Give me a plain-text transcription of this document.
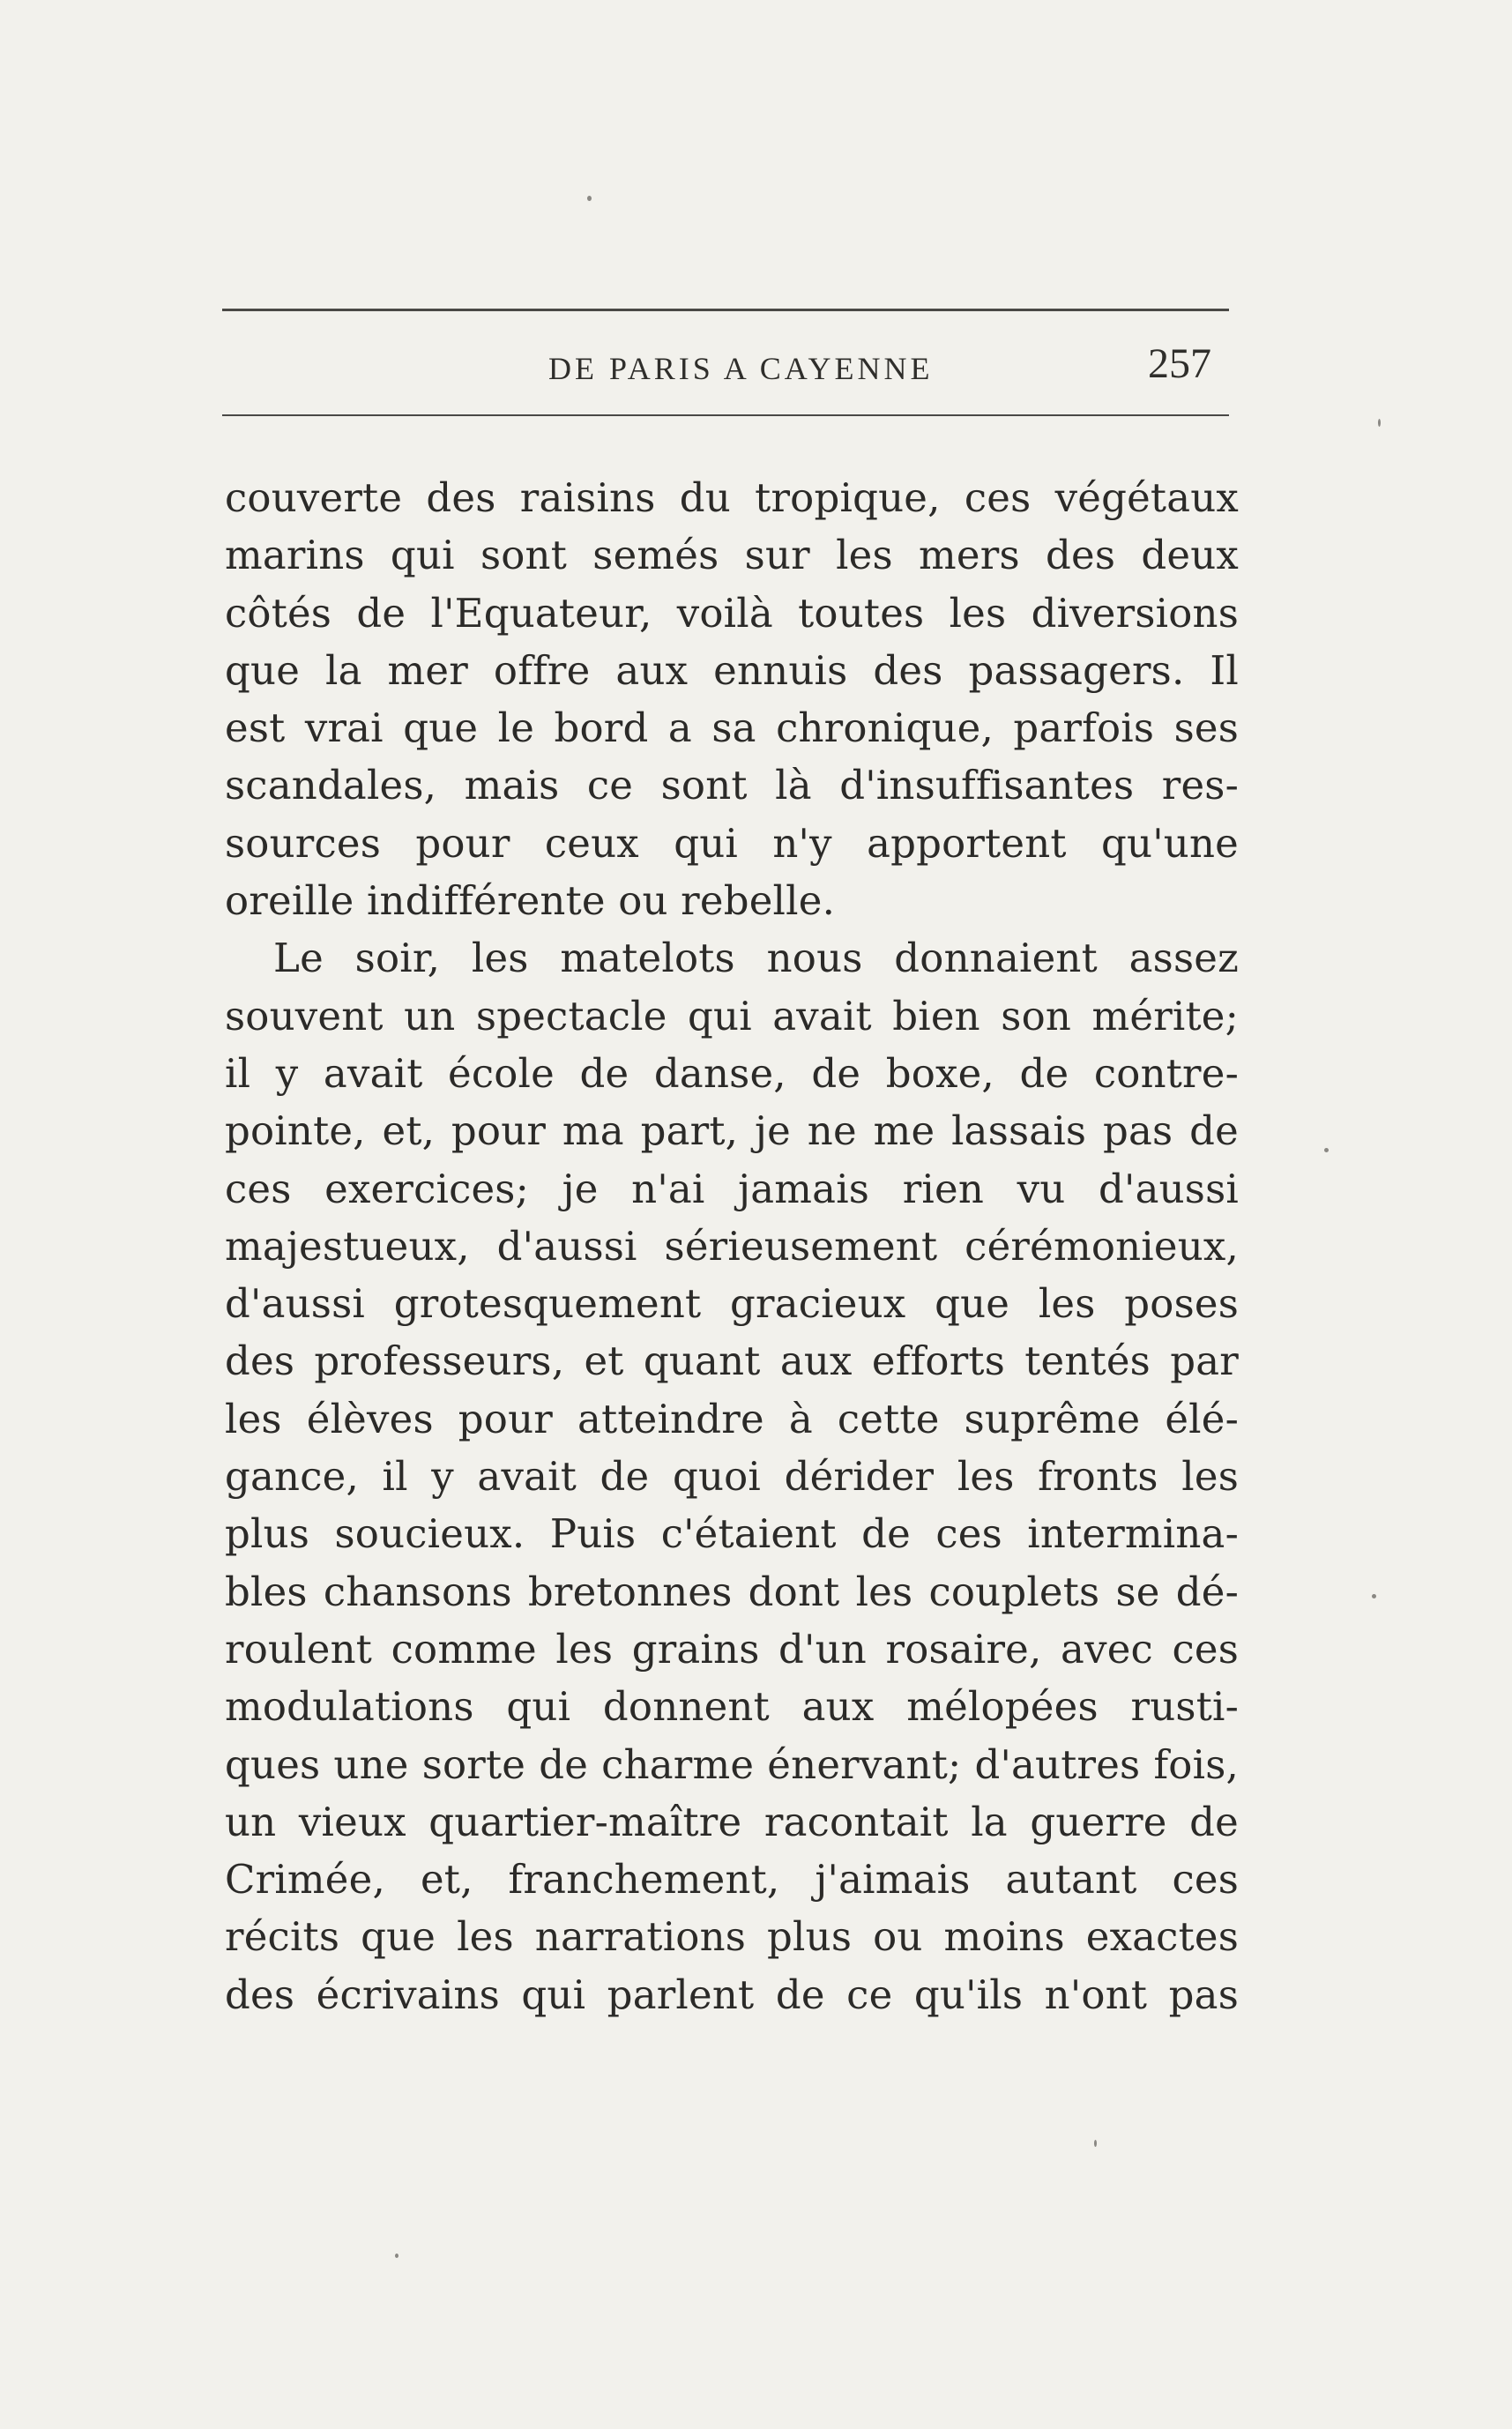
DE PARIS A CAYENNE	257
couverte des raisins du tropique, ces végétaux
marins qui sont semés sur les mers des deux
côtés de l'Equateur, voilà toutes les diversions
que la mer offre aux ennuis des passagers. Il
est vrai que le bord a sa chronique, parfois ses
scandales, mais ce sont là d'insuffisantes res-
sources pour ceux qui n'y apportent qu'une
oreille indifférente ou rebelle.
Le soir, les matelots nous donnaient assez
souvent un spectacle qui avait bien son mérite;
il y avait école de danse, de boxe, de contre-
pointe, et, pour ma part, je ne me lassais pas de
ces exercices; je n'ai jamais rien vu d'aussi
majestueux, d'aussi sérieusement cérémonieux,
d'aussi grotesquement gracieux que les poses
des professeurs, et quant aux efforts tentés par
les élèves pour atteindre à cette suprême élé-
gance, il y avait de quoi dérider les fronts les
plus soucieux. Puis c'étaient de ces intermina-
bles chansons bretonnes dont les couplets se dé-
roulent comme les grains d'un rosaire, avec ces
modulations qui donnent aux mélopées rusti-
ques une sorte de charme énervant; d'autres fois,
un vieux quartier-maître racontait la guerre de
Crimée, et, franchement, j'aimais autant ces
récits que les narrations plus ou moins exactes
des écrivains qui parlent de ce qu'ils n'ont pas
